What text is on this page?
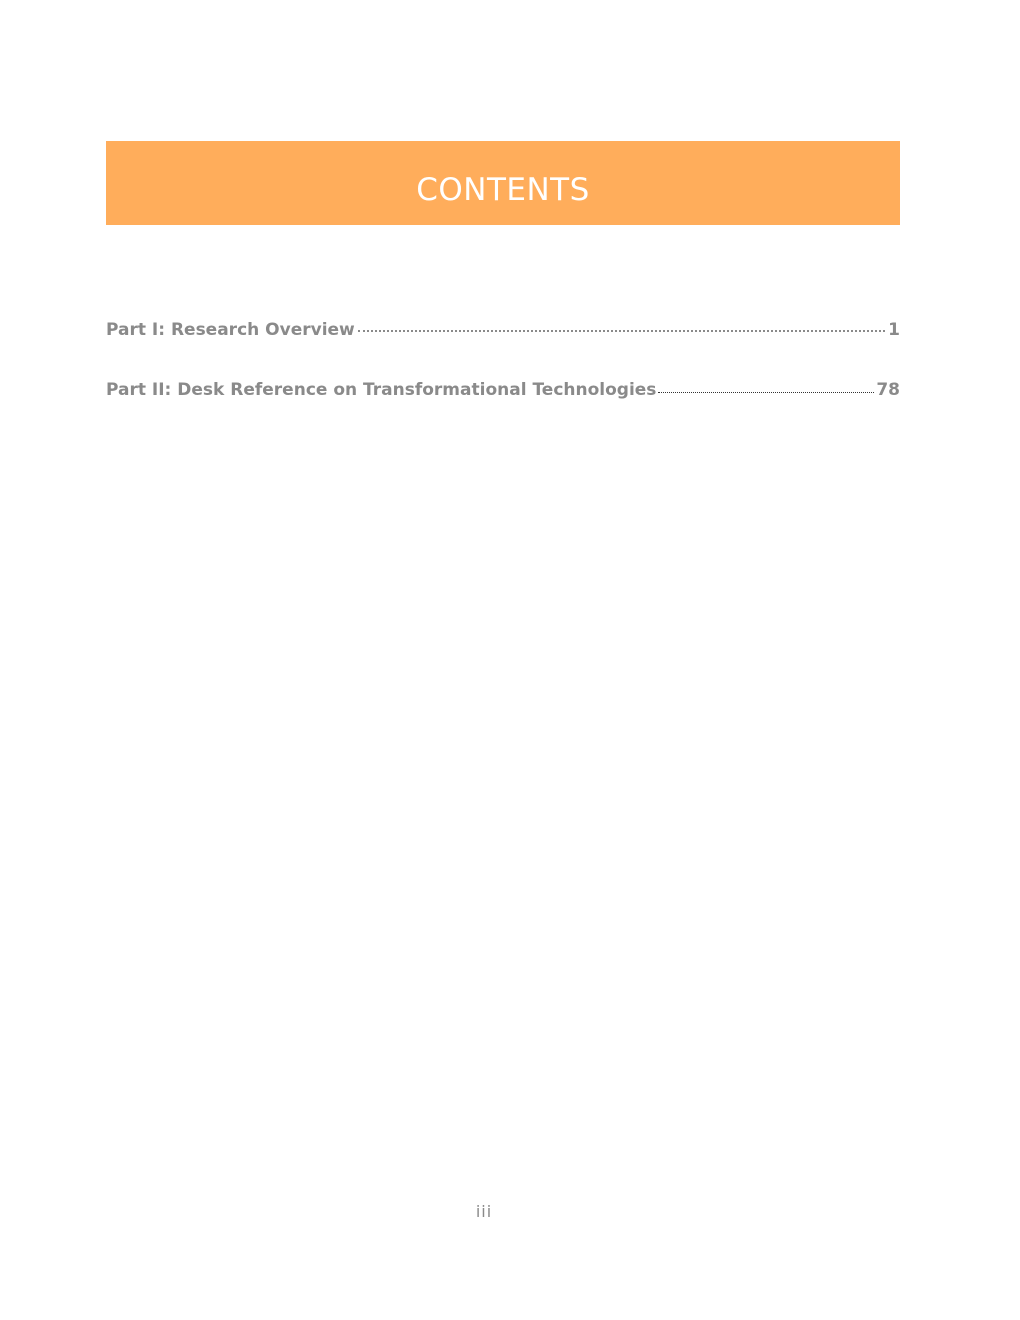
CONTENTS
Part I: Research Overview	1
Part II: Desk Reference on Transformational Technologies	78
iii
